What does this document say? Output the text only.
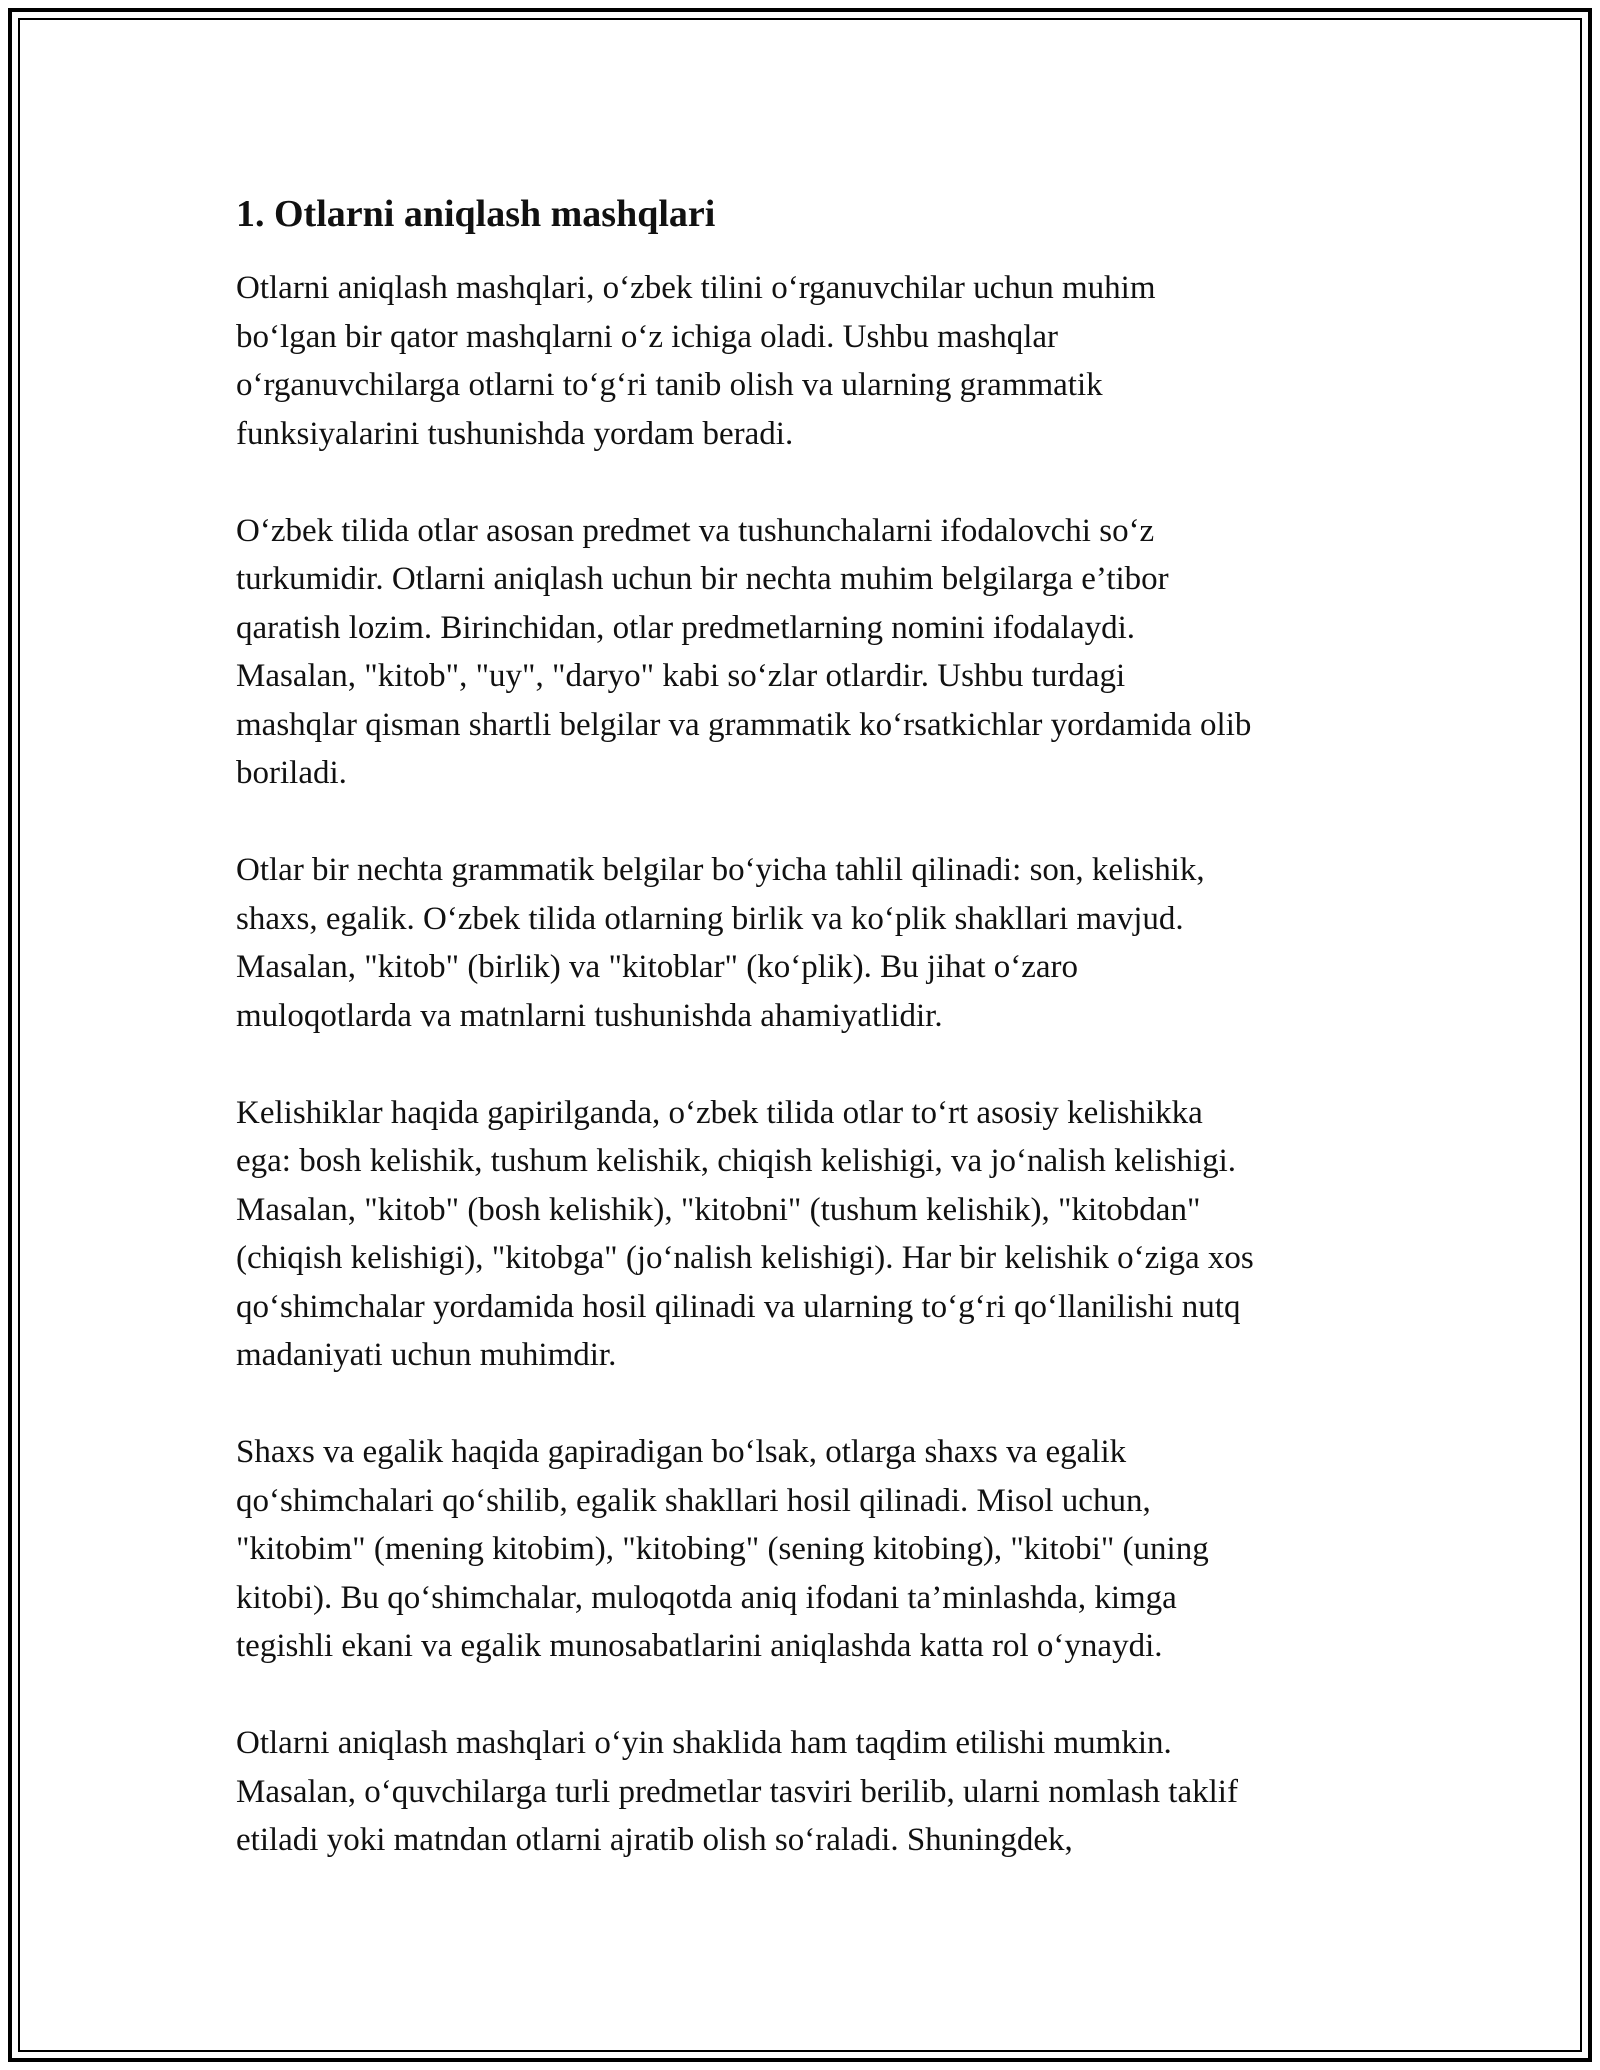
1. Otlarni aniqlash mashqlari

Otlarni aniqlash mashqlari, o‘zbek tilini o‘rganuvchilar uchun muhim
bo‘lgan bir qator mashqlarni o‘z ichiga oladi. Ushbu mashqlar
o‘rganuvchilarga otlarni to‘g‘ri tanib olish va ularning grammatik
funksiyalarini tushunishda yordam beradi.

O‘zbek tilida otlar asosan predmet va tushunchalarni ifodalovchi so‘z
turkumidir. Otlarni aniqlash uchun bir nechta muhim belgilarga e’tibor
qaratish lozim. Birinchidan, otlar predmetlarning nomini ifodalaydi.
Masalan, "kitob", "uy", "daryo" kabi so‘zlar otlardir. Ushbu turdagi
mashqlar qisman shartli belgilar va grammatik ko‘rsatkichlar yordamida olib
boriladi.

Otlar bir nechta grammatik belgilar bo‘yicha tahlil qilinadi: son, kelishik,
shaxs, egalik. O‘zbek tilida otlarning birlik va ko‘plik shakllari mavjud.
Masalan, "kitob" (birlik) va "kitoblar" (ko‘plik). Bu jihat o‘zaro
muloqotlarda va matnlarni tushunishda ahamiyatlidir.

Kelishiklar haqida gapirilganda, o‘zbek tilida otlar to‘rt asosiy kelishikka
ega: bosh kelishik, tushum kelishik, chiqish kelishigi, va jo‘nalish kelishigi.
Masalan, "kitob" (bosh kelishik), "kitobni" (tushum kelishik), "kitobdan"
(chiqish kelishigi), "kitobga" (jo‘nalish kelishigi). Har bir kelishik o‘ziga xos
qo‘shimchalar yordamida hosil qilinadi va ularning to‘g‘ri qo‘llanilishi nutq
madaniyati uchun muhimdir.

Shaxs va egalik haqida gapiradigan bo‘lsak, otlarga shaxs va egalik
qo‘shimchalari qo‘shilib, egalik shakllari hosil qilinadi. Misol uchun,
"kitobim" (mening kitobim), "kitobing" (sening kitobing), "kitobi" (uning
kitobi). Bu qo‘shimchalar, muloqotda aniq ifodani ta’minlashda, kimga
tegishli ekani va egalik munosabatlarini aniqlashda katta rol o‘ynaydi.

Otlarni aniqlash mashqlari o‘yin shaklida ham taqdim etilishi mumkin.
Masalan, o‘quvchilarga turli predmetlar tasviri berilib, ularni nomlash taklif
etiladi yoki matndan otlarni ajratib olish so‘raladi. Shuningdek,
